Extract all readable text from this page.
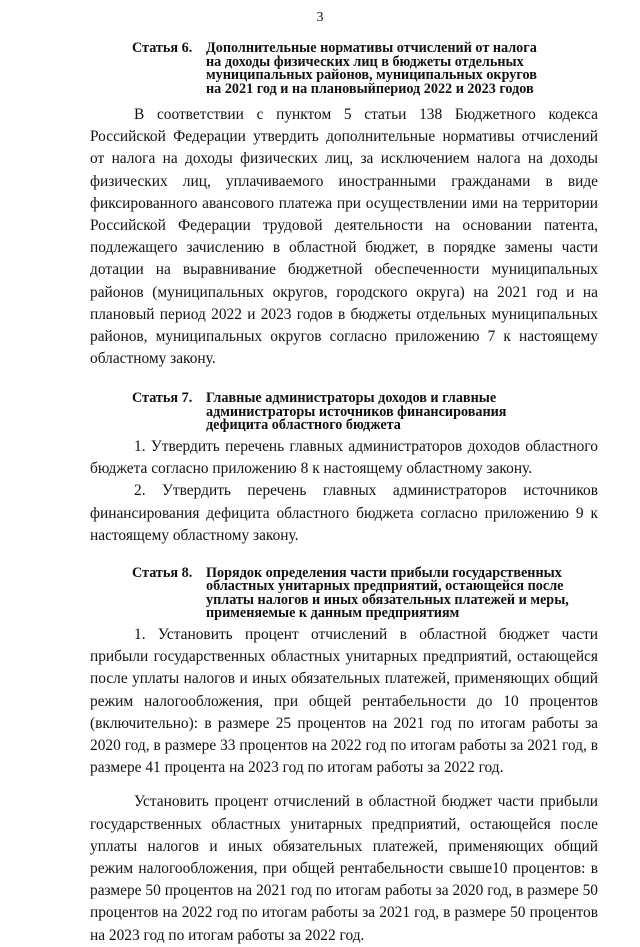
3
Статья 6. Дополнительные нормативы отчислений от налога
на доходы физических лиц в бюджеты отдельных
муниципальных районов, муниципальных округов
на 2021 год и на плановыйпериод 2022 и 2023 годов

В соответствии с пунктом 5 статьи 138 Бюджетного кодекса Российской Федерации утвердить дополнительные нормативы отчислений от налога на доходы физических лиц, за исключением налога на доходы физических лиц, уплачиваемого иностранными гражданами в виде фиксированного авансового платежа при осуществлении ими на территории Российской Федерации трудовой деятельности на основании патента, подлежащего зачислению в областной бюджет, в порядке замены части дотации на выравнивание бюджетной обеспеченности муниципальных районов (муниципальных округов, городского округа) на 2021 год и на плановый период 2022 и 2023 годов в бюджеты отдельных муниципальных районов, муниципальных округов согласно приложению 7 к настоящему областному закону.

Статья 7. Главные администраторы доходов и главные
администраторы источников финансирования
дефицита областного бюджета

1. Утвердить перечень главных администраторов доходов областного бюджета согласно приложению 8 к настоящему областному закону.

2. Утвердить перечень главных администраторов источников финансирования дефицита областного бюджета согласно приложению 9 к настоящему областному закону.

Статья 8. Порядок определения части прибыли государственных
областных унитарных предприятий, остающейся после
уплаты налогов и иных обязательных платежей и меры,
применяемые к данным предприятиям

1. Установить процент отчислений в областной бюджет части прибыли государственных областных унитарных предприятий, остающейся после уплаты налогов и иных обязательных платежей, применяющих общий режим налогообложения, при общей рентабельности до 10 процентов (включительно): в размере 25 процентов на 2021 год по итогам работы за 2020 год, в размере 33 процентов на 2022 год по итогам работы за 2021 год, в размере 41 процента на 2023 год по итогам работы за 2022 год.

Установить процент отчислений в областной бюджет части прибыли государственных областных унитарных предприятий, остающейся после уплаты налогов и иных обязательных платежей, применяющих общий режим налогообложения, при общей рентабельности свыше10 процентов: в размере 50 процентов на 2021 год по итогам работы за 2020 год, в размере 50 процентов на 2022 год по итогам работы за 2021 год, в размере 50 процентов на 2023 год по итогам работы за 2022 год.
